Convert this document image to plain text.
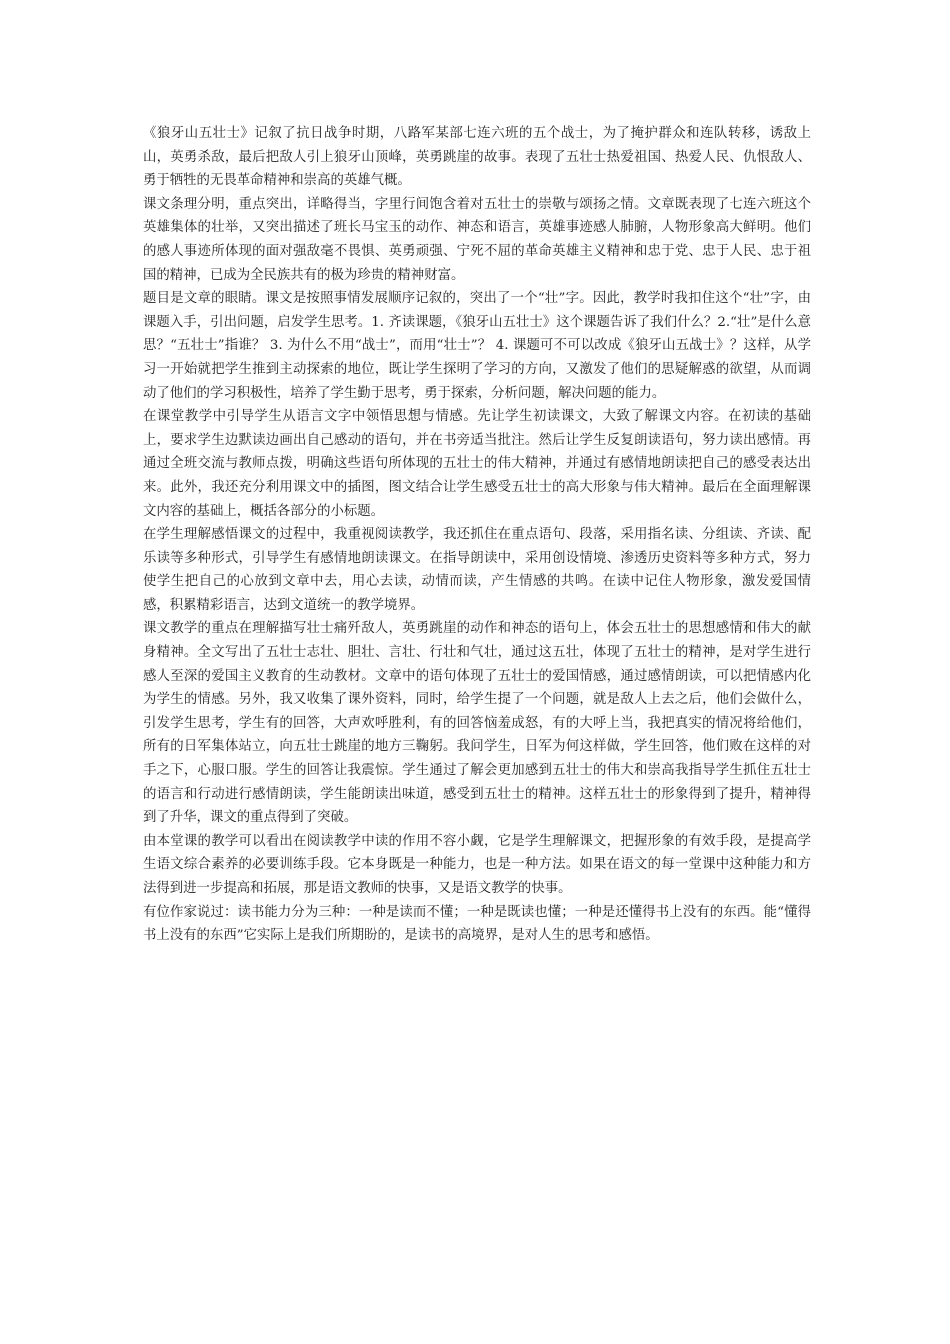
《狼牙山五壮士》记叙了抗日战争时期，八路军某部七连六班的五个战士，为了掩护群众和连队转移，诱敌上山，英勇杀敌，最后把敌人引上狼牙山顶峰，英勇跳崖的故事。表现了五壮士热爱祖国、热爱人民、仇恨敌人、勇于牺牲的无畏革命精神和崇高的英雄气概。

课文条理分明，重点突出，详略得当，字里行间饱含着对五壮士的崇敬与颂扬之情。文章既表现了七连六班这个英雄集体的壮举，又突出描述了班长马宝玉的动作、神态和语言，英雄事迹感人肺腑，人物形象高大鲜明。他们的感人事迹所体现的面对强敌毫不畏惧、英勇顽强、宁死不屈的革命英雄主义精神和忠于党、忠于人民、忠于祖国的精神，已成为全民族共有的极为珍贵的精神财富。

题目是文章的眼睛。课文是按照事情发展顺序记叙的，突出了一个“壮”字。因此，教学时我扣住这个“壮”字，由课题入手，引出问题，启发学生思考。1. 齐读课题，《狼牙山五壮士》这个课题告诉了我们什么？2.“壮”是什么意思？“五壮士”指谁？ 3. 为什么不用“战士”，而用“壮士”？ 4. 课题可不可以改成《狼牙山五战士》？这样，从学习一开始就把学生推到主动探索的地位，既让学生探明了学习的方向，又激发了他们的思疑解惑的欲望，从而调动了他们的学习积极性，培养了学生勤于思考，勇于探索，分析问题，解决问题的能力。

在课堂教学中引导学生从语言文字中领悟思想与情感。先让学生初读课文，大致了解课文内容。在初读的基础上，要求学生边默读边画出自己感动的语句，并在书旁适当批注。然后让学生反复朗读语句，努力读出感情。再通过全班交流与教师点拨，明确这些语句所体现的五壮士的伟大精神，并通过有感情地朗读把自己的感受表达出来。此外，我还充分利用课文中的插图，图文结合让学生感受五壮士的高大形象与伟大精神。最后在全面理解课文内容的基础上，概括各部分的小标题。

在学生理解感悟课文的过程中，我重视阅读教学，我还抓住在重点语句、段落，采用指名读、分组读、齐读、配乐读等多种形式，引导学生有感情地朗读课文。在指导朗读中，采用创设情境、渗透历史资料等多种方式，努力使学生把自己的心放到文章中去，用心去读，动情而读，产生情感的共鸣。在读中记住人物形象，激发爱国情感，积累精彩语言，达到文道统一的教学境界。

课文教学的重点在理解描写壮士痛歼敌人，英勇跳崖的动作和神态的语句上，体会五壮士的思想感情和伟大的献身精神。全文写出了五壮士志壮、胆壮、言壮、行壮和气壮，通过这五壮，体现了五壮士的精神，是对学生进行感人至深的爱国主义教育的生动教材。文章中的语句体现了五壮士的爱国情感，通过感情朗读，可以把情感内化为学生的情感。另外，我又收集了课外资料，同时，给学生提了一个问题，就是敌人上去之后，他们会做什么，引发学生思考，学生有的回答，大声欢呼胜利，有的回答恼羞成怒，有的大呼上当，我把真实的情况将给他们，所有的日军集体站立，向五壮士跳崖的地方三鞠躬。我问学生，日军为何这样做，学生回答，他们败在这样的对手之下，心服口服。学生的回答让我震惊。学生通过了解会更加感到五壮士的伟大和崇高我指导学生抓住五壮士的语言和行动进行感情朗读，学生能朗读出味道，感受到五壮士的精神。这样五壮士的形象得到了提升，精神得到了升华，课文的重点得到了突破。

由本堂课的教学可以看出在阅读教学中读的作用不容小觑，它是学生理解课文，把握形象的有效手段，是提高学生语文综合素养的必要训练手段。它本身既是一种能力，也是一种方法。如果在语文的每一堂课中这种能力和方法得到进一步提高和拓展，那是语文教师的快事，又是语文教学的快事。

有位作家说过：读书能力分为三种：一种是读而不懂；一种是既读也懂；一种是还懂得书上没有的东西。能“懂得书上没有的东西”它实际上是我们所期盼的，是读书的高境界，是对人生的思考和感悟。
